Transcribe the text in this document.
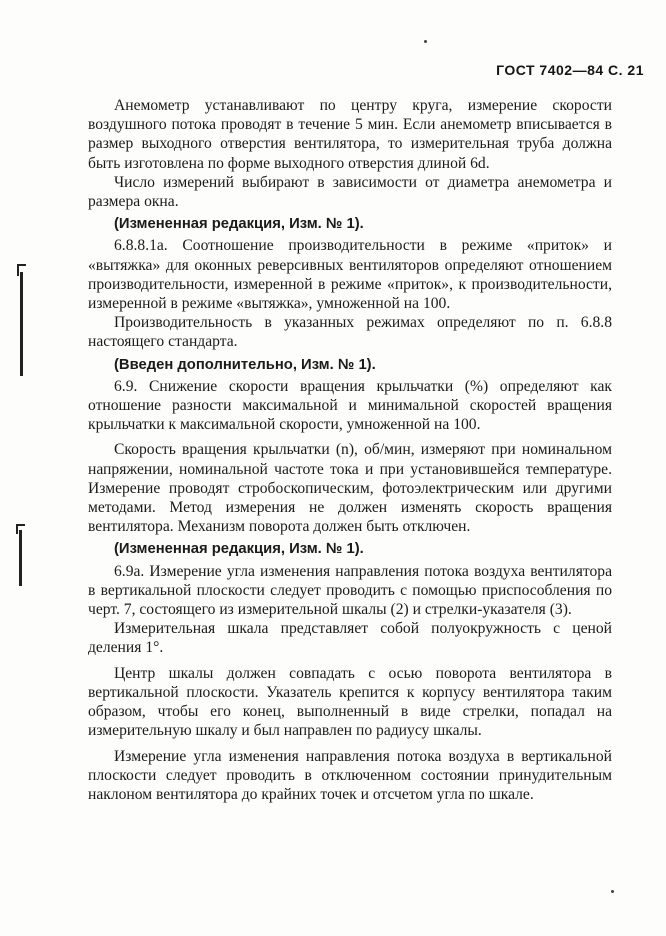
ГОСТ 7402—84 С. 21

Анемометр устанавливают по центру круга, измерение скорости воздушного потока проводят в течение 5 мин. Если анемометр вписывается в размер выходного отверстия вентилятора, то измерительная труба должна быть изготовлена по форме выходного отверстия длиной 6d.

Число измерений выбирают в зависимости от диаметра анемометра и размера окна.

(Измененная редакция, Изм. № 1).

6.8.8.1а. Соотношение производительности в режиме «приток» и «вытяжка» для оконных реверсивных вентиляторов определяют отношением производительности, измеренной в режиме «приток», к производительности, измеренной в режиме «вытяжка», умноженной на 100.

Производительность в указанных режимах определяют по п. 6.8.8 настоящего стандарта.

(Введен дополнительно, Изм. № 1).

6.9. Снижение скорости вращения крыльчатки (%) определяют как отношение разности максимальной и минимальной скоростей вращения крыльчатки к максимальной скорости, умноженной на 100.

Скорость вращения крыльчатки (n), об/мин, измеряют при номинальном напряжении, номинальной частоте тока и при установившейся температуре. Измерение проводят стробоскопическим, фотоэлектрическим или другими методами. Метод измерения не должен изменять скорость вращения вентилятора. Механизм поворота должен быть отключен.

(Измененная редакция, Изм. № 1).

6.9а. Измерение угла изменения направления потока воздуха вентилятора в вертикальной плоскости следует проводить с помощью приспособления по черт. 7, состоящего из измерительной шкалы (2) и стрелки-указателя (3).

Измерительная шкала представляет собой полуокружность с ценой деления 1°.

Центр шкалы должен совпадать с осью поворота вентилятора в вертикальной плоскости. Указатель крепится к корпусу вентилятора таким образом, чтобы его конец, выполненный в виде стрелки, попадал на измерительную шкалу и был направлен по радиусу шкалы.

Измерение угла изменения направления потока воздуха в вертикальной плоскости следует проводить в отключенном состоянии принудительным наклоном вентилятора до крайних точек и отсчетом угла по шкале.
